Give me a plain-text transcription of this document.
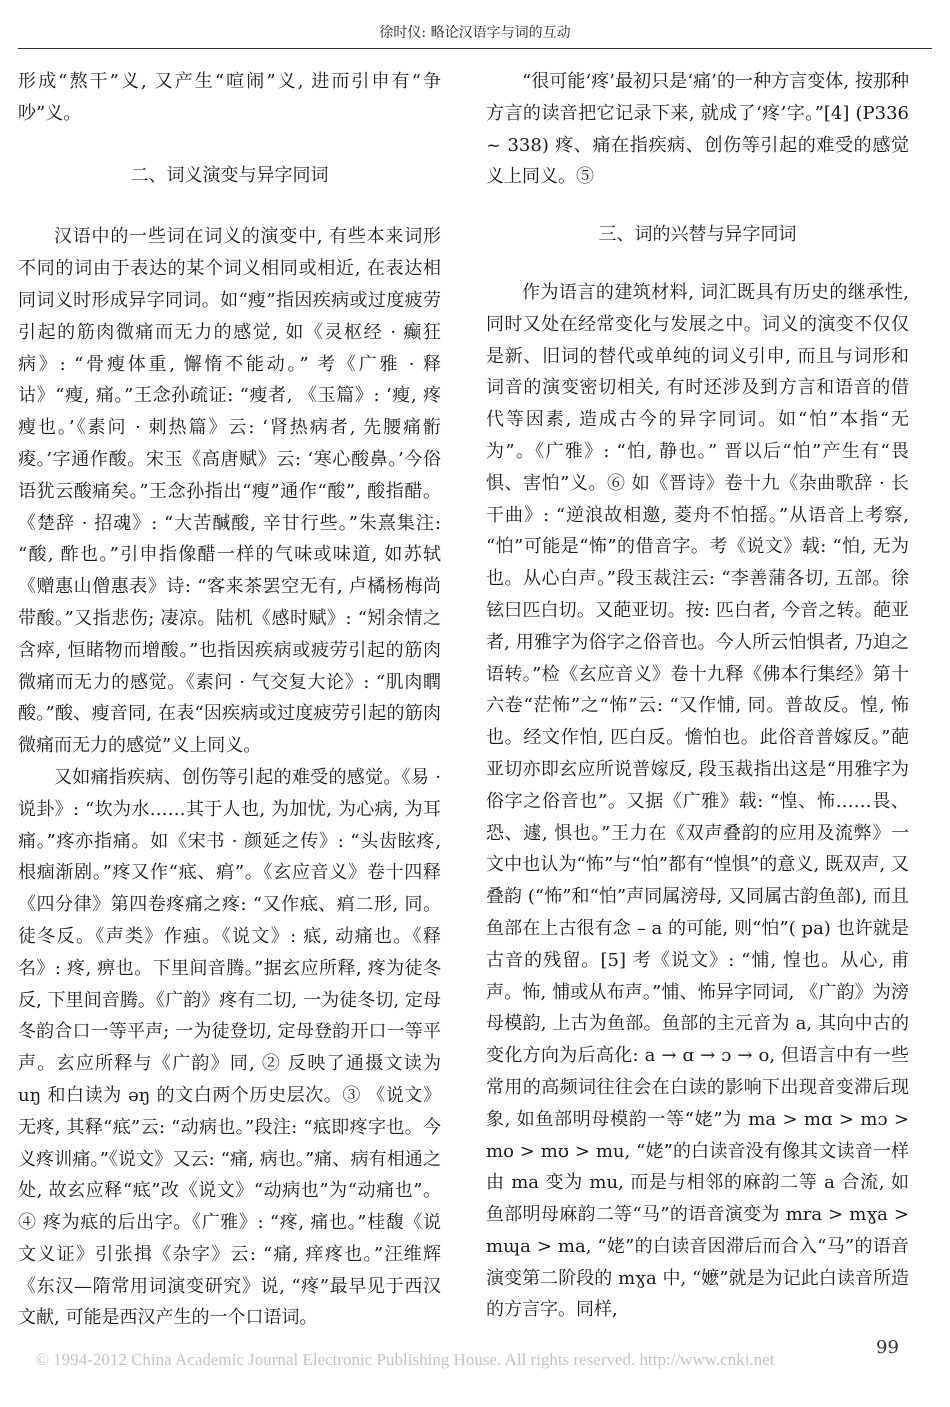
徐时仪: 略论汉语字与词的互动

形成“熬干”义, 又产生“喧闹”义, 进而引申有“争吵”义。

二、词义演变与异字同词

汉语中的一些词在词义的演变中, 有些本来词形不同的词由于表达的某个词义相同或相近, 在表达相同词义时形成异字同词。如“瘦”指因疾病或过度疲劳引起的筋肉微痛而无力的感觉, 如《灵枢经 · 癫狂病》: “骨瘦体重, 懈惰不能动。” 考《广雅 · 释诂》“瘦, 痛。”王念孙疏证: “瘦者, 《玉篇》: ‘瘦, 疼瘦也。’《素问 · 刺热篇》云: ‘肾热病者, 先腰痛䯒痠。’字通作酸。宋玉《高唐赋》云: ‘寒心酸鼻。’今俗语犹云酸痛矣。”王念孙指出“瘦”通作“酸”, 酸指醋。《楚辞 · 招魂》: “大苦醎酸, 辛甘行些。”朱熹集注: “酸, 酢也。”引申指像醋一样的气味或味道, 如苏轼《赠惠山僧惠表》诗: “客来茶罢空无有, 卢橘杨梅尚带酸。”又指悲伤; 凄凉。陆机《感时赋》: “矧余情之含瘁, 恒睹物而增酸。”也指因疾病或疲劳引起的筋肉微痛而无力的感觉。《素问 · 气交复大论》: “肌肉瞤酸。”酸、瘦音同, 在表“因疾病或过度疲劳引起的筋肉微痛而无力的感觉”义上同义。

又如痛指疾病、创伤等引起的难受的感觉。《易 · 说卦》: “坎为水……其于人也, 为加忧, 为心病, 为耳痛。”疼亦指痛。如《宋书 · 颜延之传》: “头齿眩疼, 根痼渐剧。”疼又作“疷、㾓”。《玄应音义》卷十四释《四分律》第四卷疼痛之疼: “又作疷、㾓二形, 同。徒冬反。《声类》作痋。《说文》: 疷, 动痛也。《释名》: 疼, 痹也。下里间音腾。”据玄应所释, 疼为徒冬反, 下里间音腾。《广韵》疼有二切, 一为徒冬切, 定母冬韵合口一等平声; 一为徒登切, 定母登韵开口一等平声。玄应所释与《广韵》同, ② 反映了通摄文读为 uŋ 和白读为 əŋ 的文白两个历史层次。③ 《说文》无疼, 其释“疷”云: “动病也。”段注: “疷即疼字也。今义疼训痛。”《说文》又云: “痛, 病也。”痛、病有相通之处, 故玄应释“疷”改《说文》“动病也”为“动痛也”。④ 疼为疷的后出字。《广雅》: “疼, 痛也。”桂馥《说文义证》引张揖《杂字》云: “痛, 痒疼也。”汪维辉《东汉—隋常用词演变研究》说, “疼”最早见于西汉文献, 可能是西汉产生的一个口语词。

“很可能‘疼’最初只是‘痛’的一种方言变体, 按那种方言的读音把它记录下来, 就成了‘疼’字。”[4] (P336 ~ 338) 疼、痛在指疾病、创伤等引起的难受的感觉义上同义。⑤

三、词的兴替与异字同词

作为语言的建筑材料, 词汇既具有历史的继承性, 同时又处在经常变化与发展之中。词义的演变不仅仅是新、旧词的替代或单纯的词义引申, 而且与词形和词音的演变密切相关, 有时还涉及到方言和语音的借代等因素, 造成古今的异字同词。如“怕”本指“无为”。《广雅》: “怕, 静也。” 晋以后“怕”产生有“畏惧、害怕”义。⑥ 如《晋诗》卷十九《杂曲歌辞 · 长干曲》: “逆浪故相邀, 菱舟不怕摇。”从语音上考察, “怕”可能是“怖”的借音字。考《说文》载: “怕, 无为也。从心白声。”段玉裁注云: “李善蒲各切, 五部。徐铉曰匹白切。又葩亚切。按: 匹白者, 今音之转。葩亚者, 用雅字为俗字之俗音也。今人所云怕惧者, 乃迫之语转。”检《玄应音义》卷十九释《佛本行集经》第十六卷“茫怖”之“怖”云: “又作悑, 同。普故反。惶, 怖也。经文作怕, 匹白反。憺怕也。此俗音普嫁反。”葩亚切亦即玄应所说普嫁反, 段玉裁指出这是“用雅字为俗字之俗音也”。又据《广雅》载: “惶、怖……畏、恐、遽, 惧也。”王力在《双声叠韵的应用及流弊》一文中也认为“怖”与“怕”都有“惶惧”的意义, 既双声, 又叠韵 (“怖”和“怕”声同属滂母, 又同属古韵鱼部), 而且鱼部在上古很有念 – a 的可能, 则“怕”( pa) 也许就是古音的残留。[5] 考《说文》: “悑, 惶也。从心, 甫声。怖, 悑或从布声。”悑、怖异字同词, 《广韵》为滂母模韵, 上古为鱼部。鱼部的主元音为 a, 其向中古的变化方向为后高化: a → ɑ → ɔ → o, 但语言中有一些常用的高频词往往会在白读的影响下出现音变滞后现象, 如鱼部明母模韵一等“姥”为 ma > mɑ > mɔ > mo > mʊ > mu, “姥”的白读音没有像其文读音一样由 ma 变为 mu, 而是与相邻的麻韵二等 a 合流, 如鱼部明母麻韵二等“马”的语音演变为 mra > mɣa > mɰa > ma, “姥”的白读音因滞后而合入“马”的语音演变第二阶段的 mɣa 中, “嬷”就是为记此白读音所造的方言字。同样,

99
© 1994-2012 China Academic Journal Electronic Publishing House. All rights reserved. http://www.cnki.net
